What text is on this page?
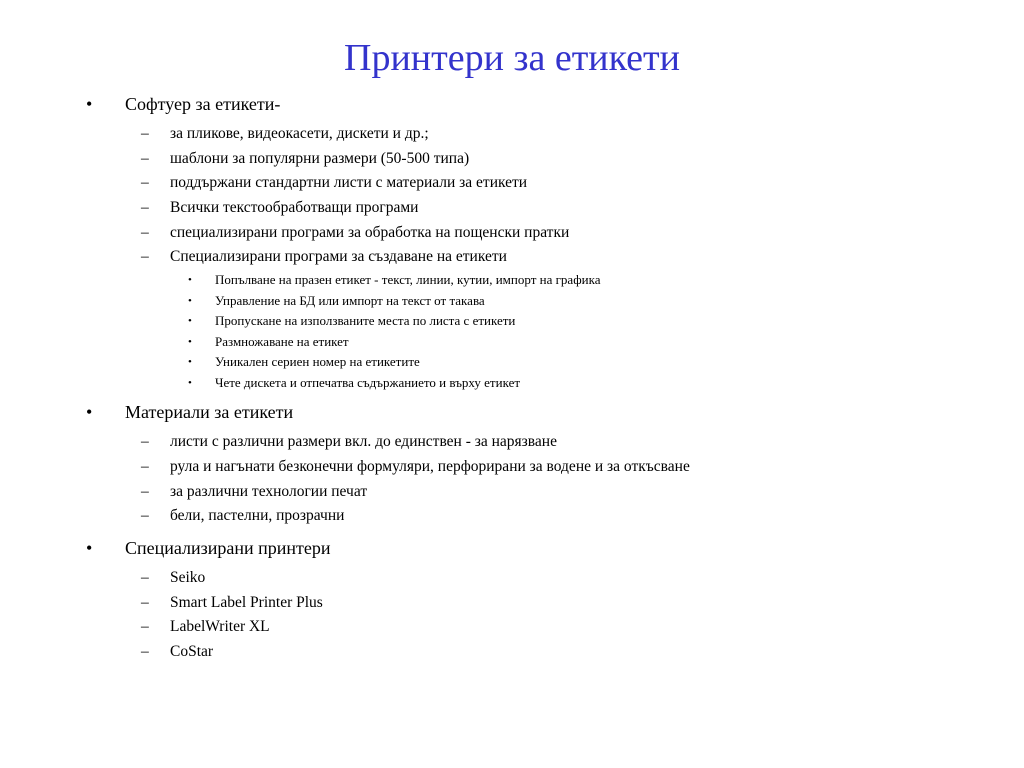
Принтери за етикети
• Софтуер за етикети-
– за пликове, видеокасети, дискети и др.;
– шаблони за популярни размери (50-500 типа)
– поддържани стандартни листи с материали за етикети
– Всички текстообработващи програми
– специализирани програми за обработка на пощенски пратки
– Специализирани програми за създаване на етикети
• Попълване на празен етикет - текст, линии, кутии, импорт на графика
• Управление на БД или импорт на текст от такава
• Пропускане на използваните места по листа с етикети
• Размножаване на етикет
• Уникален сериен номер на етикетите
• Чете дискета и отпечатва съдържанието и върху етикет
• Материали за етикети
– листи с различни размери вкл. до единствен - за нарязване
– рула и нагънати безконечни формуляри, перфорирани за водене и за откъсване
– за различни технологии печат
– бели, пастелни, прозрачни
• Специализирани принтери
– Seiko
– Smart Label Printer Plus
– LabelWriter XL
– CoStar
